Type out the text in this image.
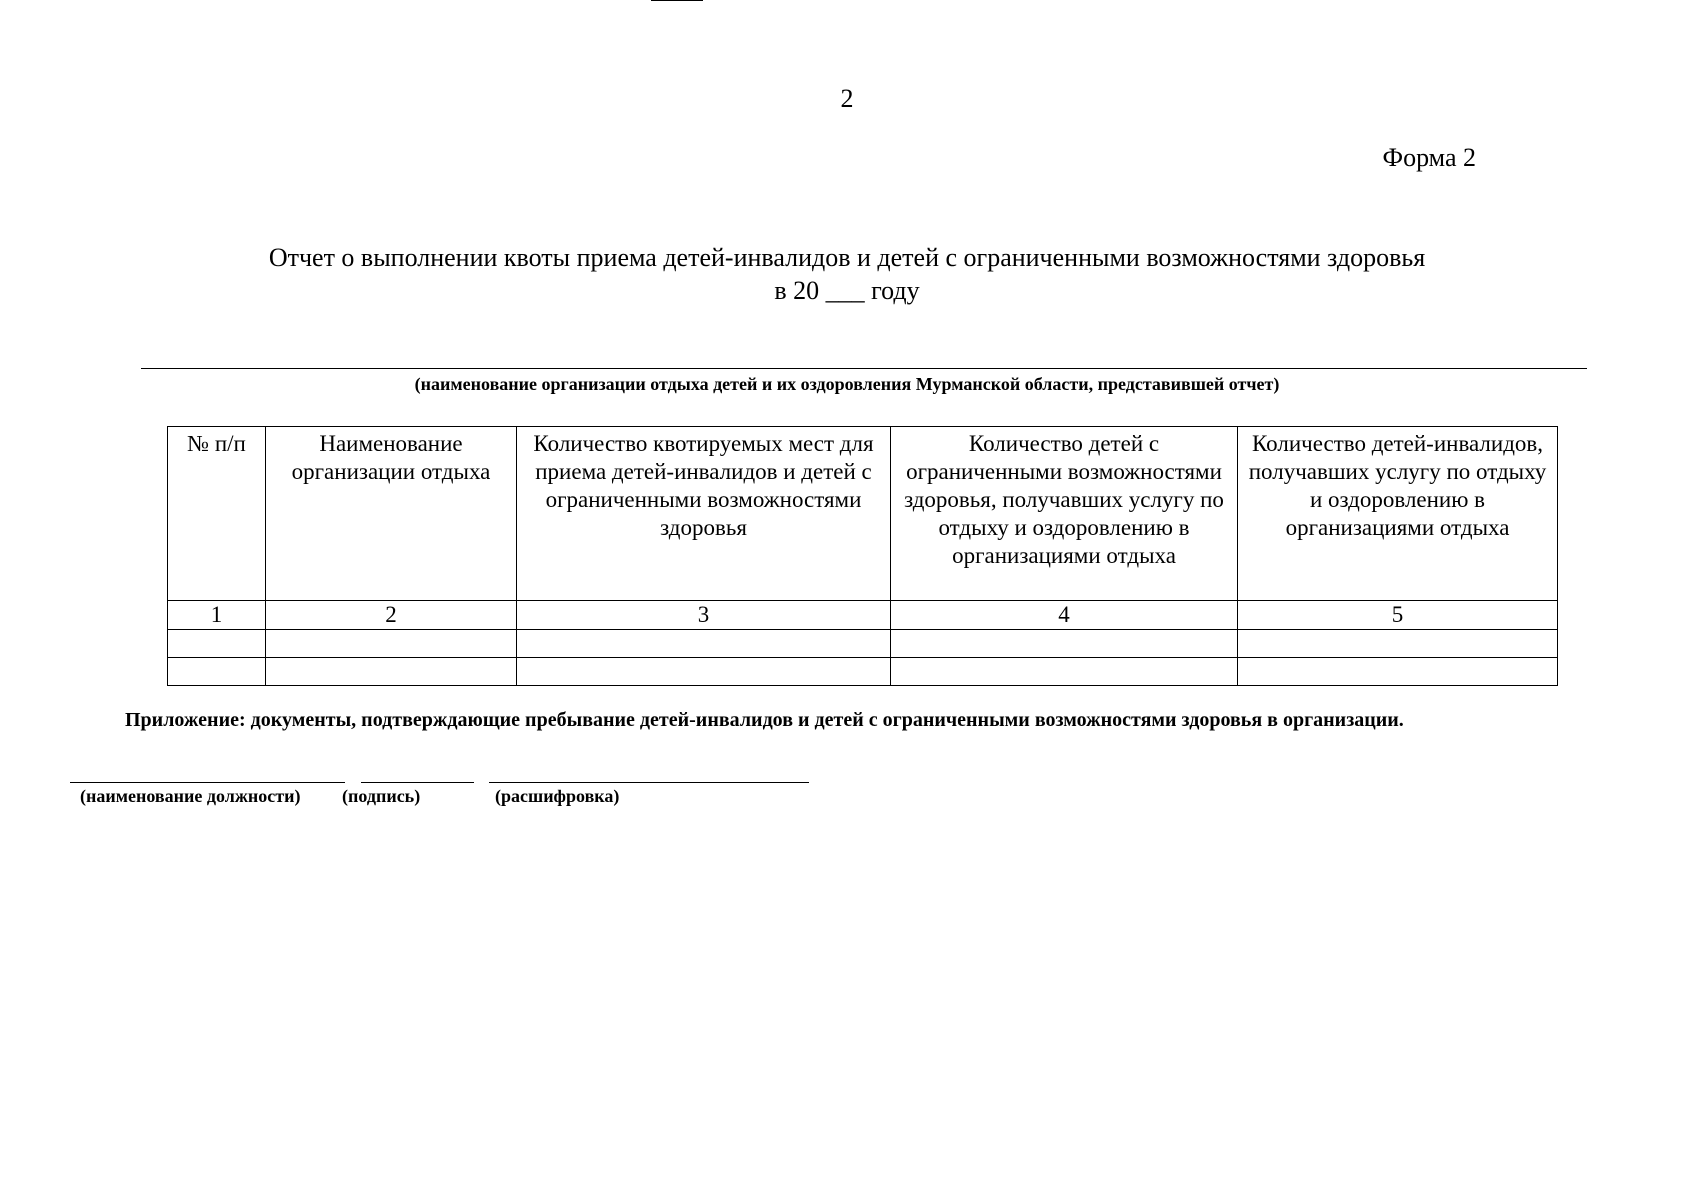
2
Форма 2
Отчет о выполнении квоты приема детей-инвалидов и детей с ограниченными возможностями здоровья
в 20 ___ году
(наименование организации отдыха детей и их оздоровления Мурманской области, представившей отчет)
№ п/п	Наименование организации отдыха	Количество квотируемых мест для приема детей-инвалидов и детей с ограниченными возможностями здоровья	Количество детей с ограниченными возможностями здоровья, получавших услугу по отдыху и оздоровлению в организациями отдыха	Количество детей-инвалидов, получавших услугу по отдыху и оздоровлению в организациями отдыха
1	2	3	4	5

Приложение: документы, подтверждающие пребывание детей-инвалидов и детей с ограниченными возможностями здоровья в организации.
(наименование должности) (подпись)	(расшифровка)
